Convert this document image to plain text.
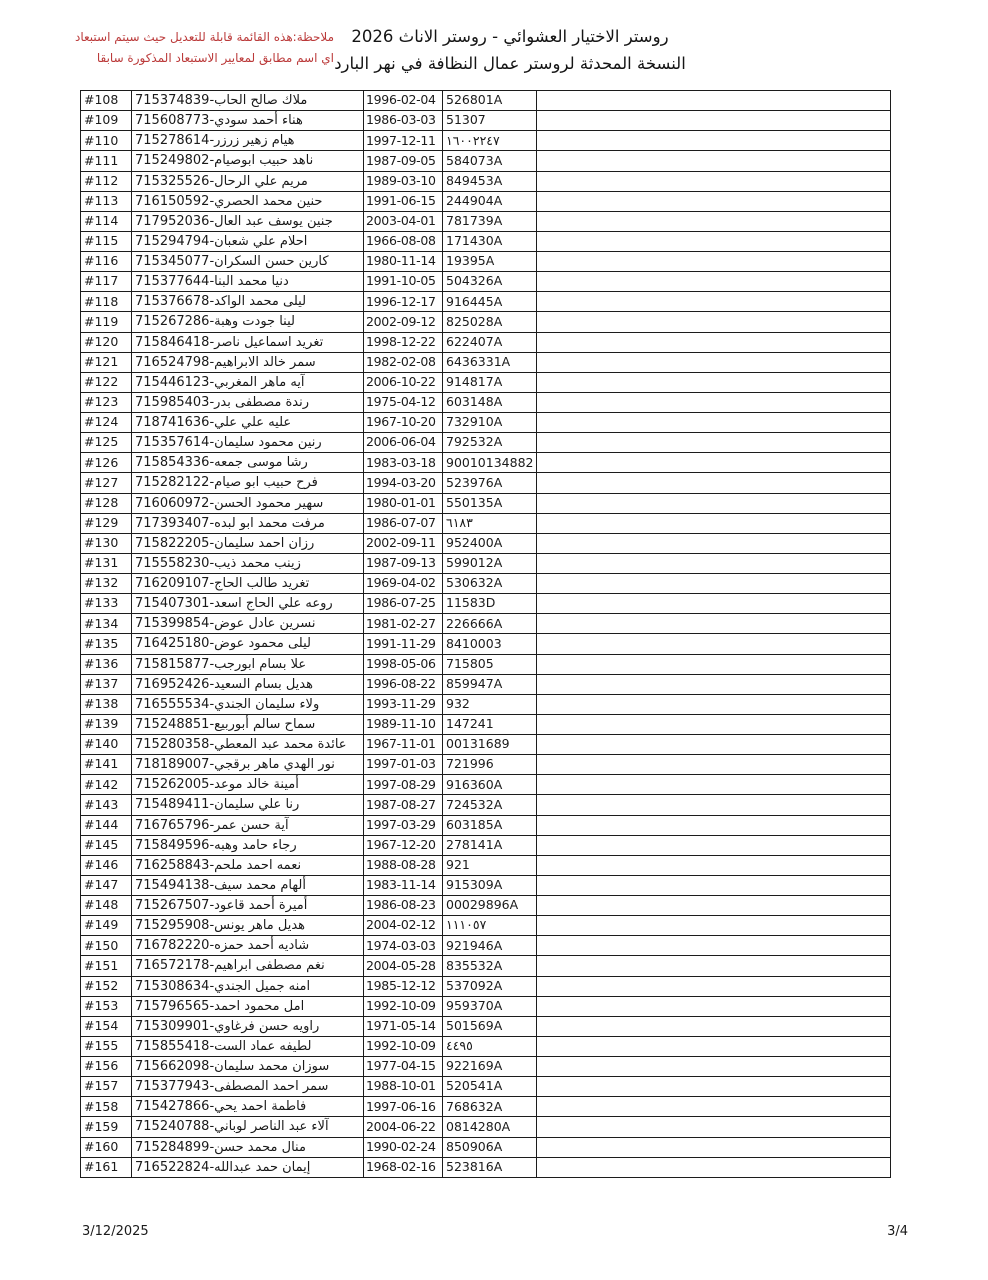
ملاحظة:هذه القائمة قابلة للتعديل حيث سيتم استبعاد
اي اسم مطابق لمعايير الاستبعاد المذكورة سابقا
روستر الاختيار العشوائي - روستر الاناث 2026
النسخة المحدثة لروستر عمال النظافة في نهر البارد
#108	ملاك صالح الحاب-715374839	1996-02-04	526801A	
#109	هناء أحمد سودي-715608773	1986-03-03	51307	
#110	هيام زهير زرزر-715278614	1997-12-11	١٦٠٠٢٢٤٧	
#111	ناهد حبيب ابوصيام-715249802	1987-09-05	584073A	
#112	مريم علي الرحال-715325526	1989-03-10	849453A	
#113	حنين محمد الحصري-716150592	1991-06-15	244904A	
#114	جنين يوسف عبد العال-717952036	2003-04-01	781739A	
#115	احلام علي شعبان-715294794	1966-08-08	171430A	
#116	كارين حسن السكران-715345077	1980-11-14	19395A	
#117	دنيا محمد البنا-715377644	1991-10-05	504326A	
#118	ليلى محمد الواكد-715376678	1996-12-17	916445A	
#119	لينا جودت وهبة-715267286	2002-09-12	825028A	
#120	تغريد اسماعيل ناصر-715846418	1998-12-22	622407A	
#121	سمر خالد الابراهيم-716524798	1982-02-08	6436331A	
#122	آيه ماهر المغربي-715446123	2006-10-22	914817A	
#123	رندة مصطفى بدر-715985403	1975-04-12	603148A	
#124	عليه علي علي-718741636	1967-10-20	732910A	
#125	رنين محمود سليمان-715357614	2006-06-04	792532A	
#126	رشا موسى جمعه-715854336	1983-03-18	90010134882	
#127	فرح حبيب ابو صيام-715282122	1994-03-20	523976A	
#128	سهير محمود الحسن-716060972	1980-01-01	550135A	
#129	مرفت محمد ابو لبده-717393407	1986-07-07	٦١٨٣	
#130	رزان احمد سليمان-715822205	2002-09-11	952400A	
#131	زينب محمد ذيب-715558230	1987-09-13	599012A	
#132	تغريد طالب الحاج-716209107	1969-04-02	530632A	
#133	روعه علي الحاج اسعد-715407301	1986-07-25	11583D	
#134	نسرين عادل عوض-715399854	1981-02-27	226666A	
#135	ليلى محمود عوض-716425180	1991-11-29	8410003	
#136	علا بسام ابورجب-715815877	1998-05-06	715805	
#137	هديل بسام السعيد-716952426	1996-08-22	859947A	
#138	ولاء سليمان الجندي-716555534	1993-11-29	932	
#139	سماح سالم أبوربيع-715248851	1989-11-10	147241	
#140	عائدة محمد عبد المعطي-715280358	1967-11-01	00131689	
#141	نور الهدي ماهر برقجي-718189007	1997-01-03	721996	
#142	أمينة خالد موعد-715262005	1997-08-29	916360A	
#143	رنا علي سليمان-715489411	1987-08-27	724532A	
#144	آية حسن عمر-716765796	1997-03-29	603185A	
#145	رجاء حامد وهبه-715849596	1967-12-20	278141A	
#146	نعمه احمد ملحم-716258843	1988-08-28	921	
#147	ألهام محمد سيف-715494138	1983-11-14	915309A	
#148	أميرة أحمد قاعود-715267507	1986-08-23	00029896A	
#149	هديل ماهر يونس-715295908	2004-02-12	١١١٠٥٧	
#150	شاديه أحمد حمزه-716782220	1974-03-03	921946A	
#151	نغم مصطفى ابراهيم-716572178	2004-05-28	835532A	
#152	امنه جميل الجندي-715308634	1985-12-12	537092A	
#153	امل محمود احمد-715796565	1992-10-09	959370A	
#154	راويه حسن فرغاوي-715309901	1971-05-14	501569A	
#155	لطيفه عماد الست-715855418	1992-10-09	٤٤٩٥	
#156	سوزان محمد سليمان-715662098	1977-04-15	922169A	
#157	سمر احمد المصطفى-715377943	1988-10-01	520541A	
#158	فاطمة احمد يحي-715427866	1997-06-16	768632A	
#159	آلاء عبد الناصر لوباني-715240788	2004-06-22	0814280A	
#160	منال محمد حسن-715284899	1990-02-24	850906A	
#161	إيمان حمد عبدالله-716522824	1968-02-16	523816A	
3/12/2025	3/4
